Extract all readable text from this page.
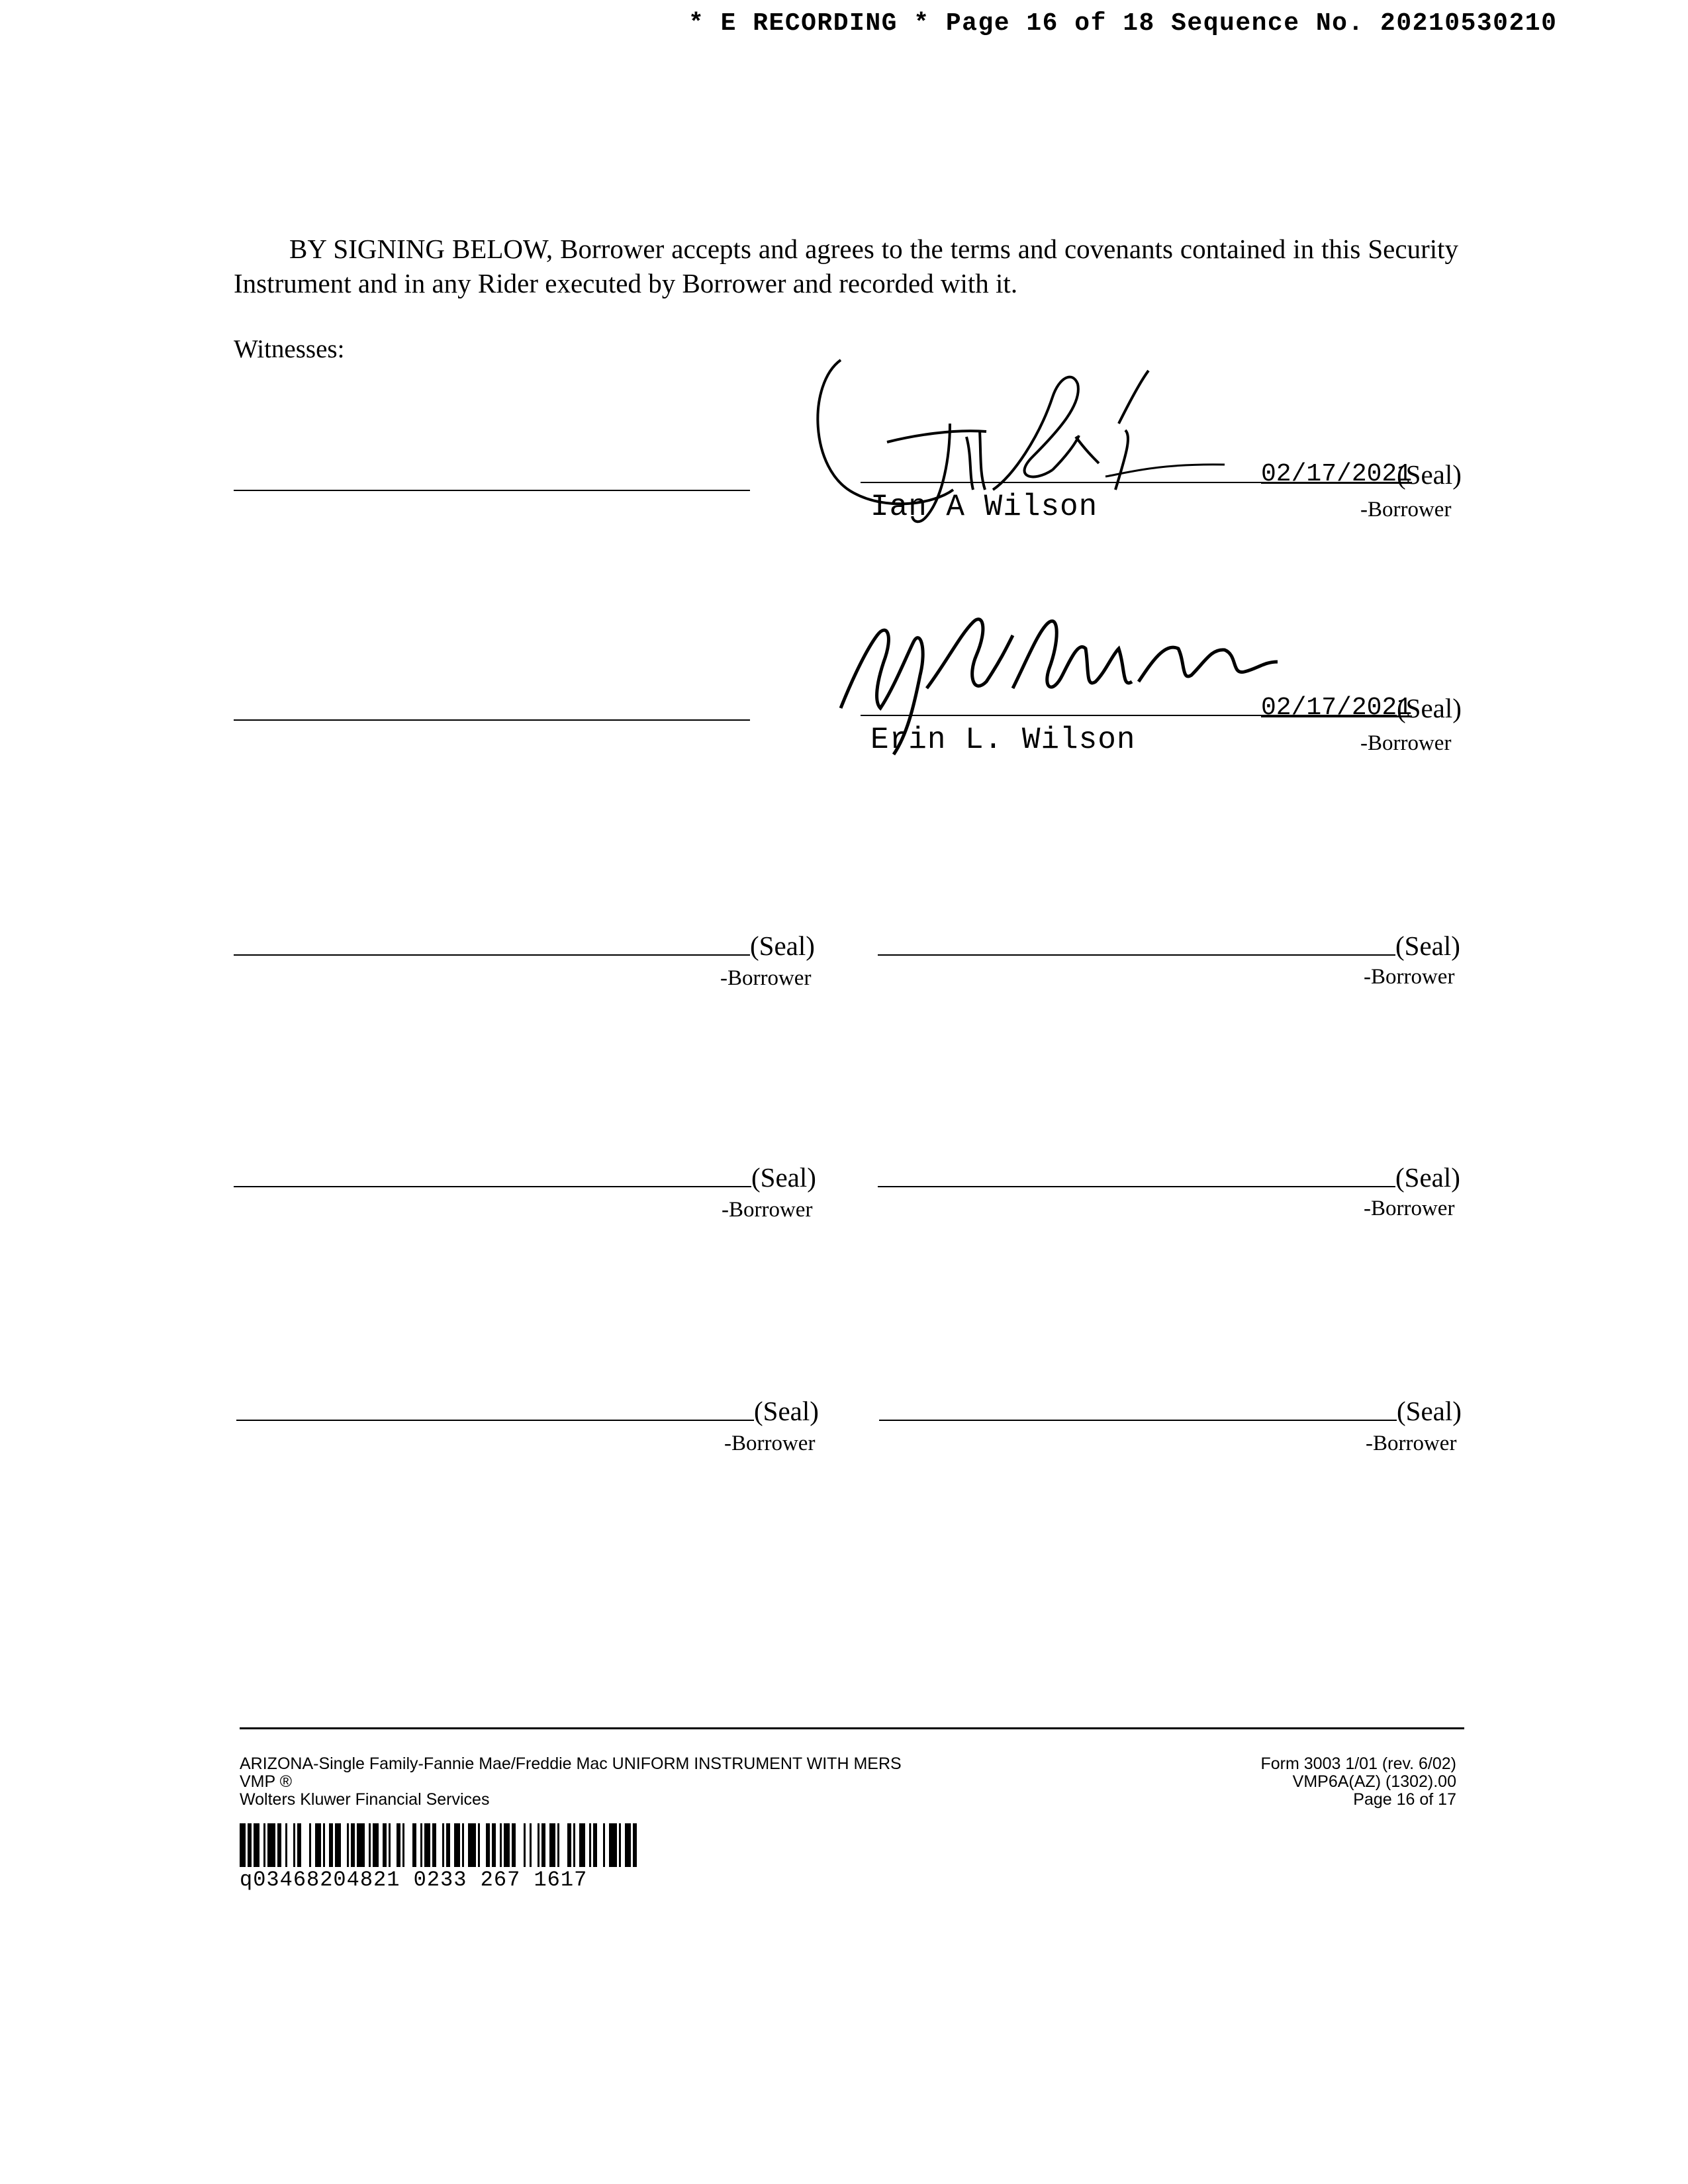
* E RECORDING * Page 16 of 18 Sequence No. 20210530210

BY SIGNING BELOW, Borrower accepts and agrees to the terms and covenants contained in this Security Instrument and in any Rider executed by Borrower and recorded with it.

Witnesses:
02/17/2021
(Seal)
Ian A Wilson	-Borrower
02/17/2021
(Seal)
Erin L. Wilson	-Borrower
(Seal)
-Borrower
(Seal)
-Borrower
(Seal)
-Borrower
(Seal)
-Borrower
(Seal)
-Borrower
(Seal)
-Borrower
ARIZONA-Single Family-Fannie Mae/Freddie Mac UNIFORM INSTRUMENT WITH MERS
VMP ®
Wolters Kluwer Financial Services
Form 3003 1/01 (rev. 6/02)
VMP6A(AZ) (1302).00
Page 16 of 17
q03468204821 0233 267 1617
